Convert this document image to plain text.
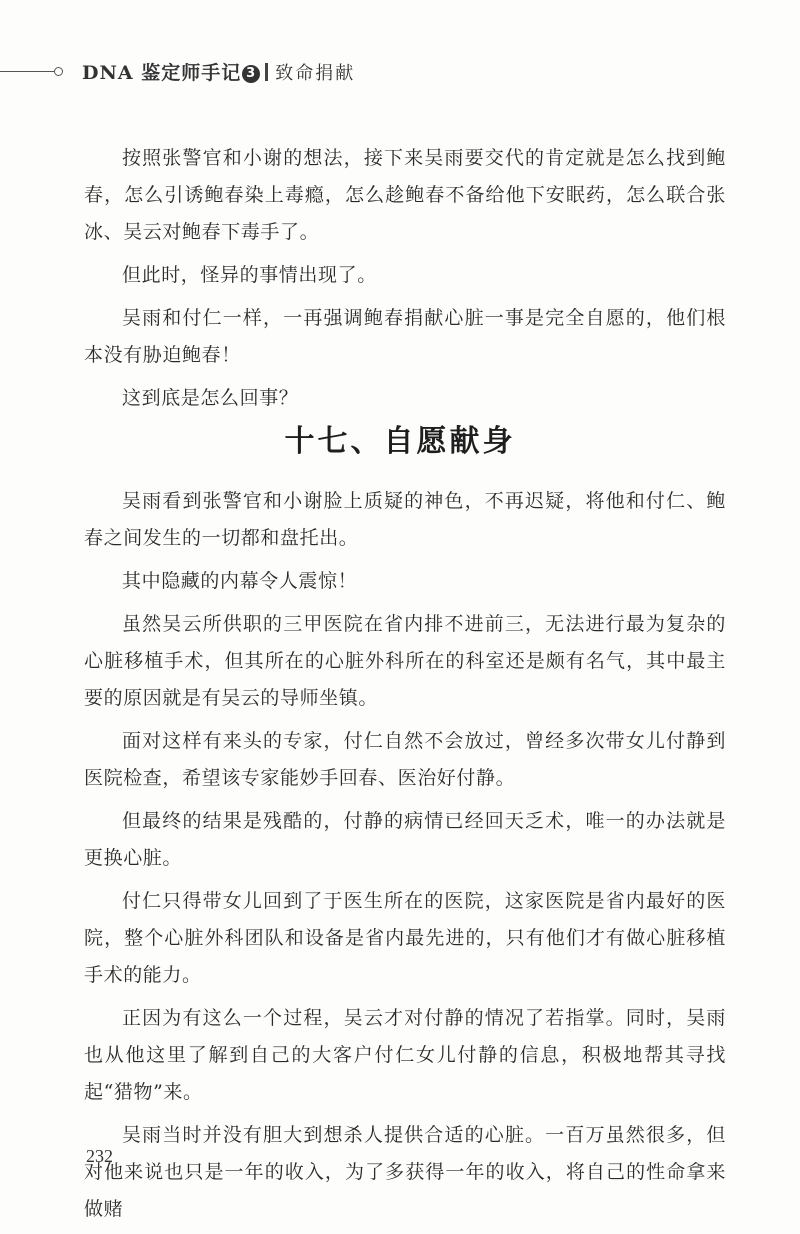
DNA 鉴定师手记 3 致命捐献

按照张警官和小谢的想法，接下来吴雨要交代的肯定就是怎么找到鲍春，怎么引诱鲍春染上毒瘾，怎么趁鲍春不备给他下安眠药，怎么联合张冰、吴云对鲍春下毒手了。

但此时，怪异的事情出现了。

吴雨和付仁一样，一再强调鲍春捐献心脏一事是完全自愿的，他们根本没有胁迫鲍春！

这到底是怎么回事？

十七、自愿献身

吴雨看到张警官和小谢脸上质疑的神色，不再迟疑，将他和付仁、鲍春之间发生的一切都和盘托出。

其中隐藏的内幕令人震惊！

虽然吴云所供职的三甲医院在省内排不进前三，无法进行最为复杂的心脏移植手术，但其所在的心脏外科所在的科室还是颇有名气，其中最主要的原因就是有吴云的导师坐镇。

面对这样有来头的专家，付仁自然不会放过，曾经多次带女儿付静到医院检查，希望该专家能妙手回春、医治好付静。

但最终的结果是残酷的，付静的病情已经回天乏术，唯一的办法就是更换心脏。

付仁只得带女儿回到了于医生所在的医院，这家医院是省内最好的医院，整个心脏外科团队和设备是省内最先进的，只有他们才有做心脏移植手术的能力。

正因为有这么一个过程，吴云才对付静的情况了若指掌。同时，吴雨也从他这里了解到自己的大客户付仁女儿付静的信息，积极地帮其寻找起“猎物”来。

吴雨当时并没有胆大到想杀人提供合适的心脏。一百万虽然很多，但对他来说也只是一年的收入，为了多获得一年的收入，将自己的性命拿来做赌

232
